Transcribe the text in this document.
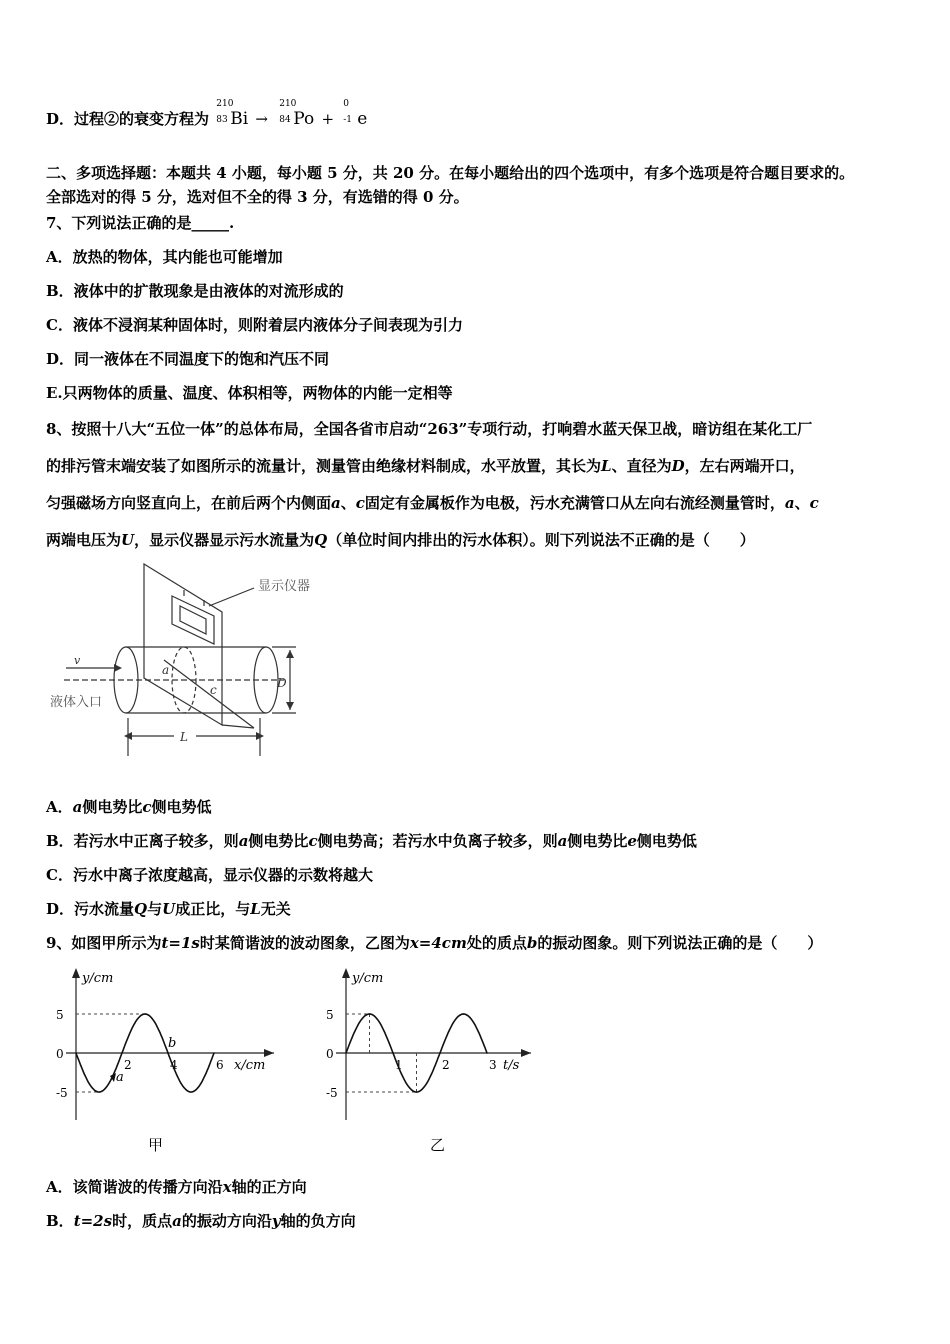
D．过程②的衰变方程为
210
83 Bi →
210
84 Po +
0
-1 e
二、多项选择题：本题共 4 小题，每小题 5 分，共 20 分。在每小题给出的四个选项中，有多个选项是符合题目要求的。
全部选对的得 5 分，选对但不全的得 3 分，有选错的得 0 分。
7、下列说法正确的是_____.
A．放热的物体，其内能也可能增加
B．液体中的扩散现象是由液体的对流形成的
C．液体不浸润某种固体时，则附着层内液体分子间表现为引力
D．同一液体在不同温度下的饱和汽压不同
E.只两物体的质量、温度、体积相等，两物体的内能一定相等
8、按照十八大“五位一体”的总体布局，全国各省市启动“263”专项行动，打响碧水蓝天保卫战，暗访组在某化工厂
的排污管末端安装了如图所示的流量计，测量管由绝缘材料制成，水平放置，其长为L、直径为D，左右两端开口，
匀强磁场方向竖直向上，在前后两个内侧面a、c固定有金属板作为电极，污水充满管口从左向右流经测量管时，a、c
两端电压为U，显示仪器显示污水流量为Q（单位时间内排出的污水体积）。则下列说法不正确的是（　　）
显示仪器
液体入口
v
a
c	D
L
A．a侧电势比c侧电势低
B．若污水中正离子较多，则a侧电势比c侧电势高；若污水中负离子较多，则a侧电势比e侧电势低
C．污水中离子浓度越高，显示仪器的示数将越大
D．污水流量Q与U成正比，与L无关
9、如图甲所示为t=1s时某简谐波的波动图象，乙图为x=4cm处的质点b的振动图象。则下列说法正确的是（　　）
y/cm
5
0
-5
2	4	6 x/cm
甲
a
b
y/cm
5
0
-5
1	2	3 t/s
乙
A．该简谐波的传播方向沿x轴的正方向
B．t=2s时，质点a的振动方向沿y轴的负方向
